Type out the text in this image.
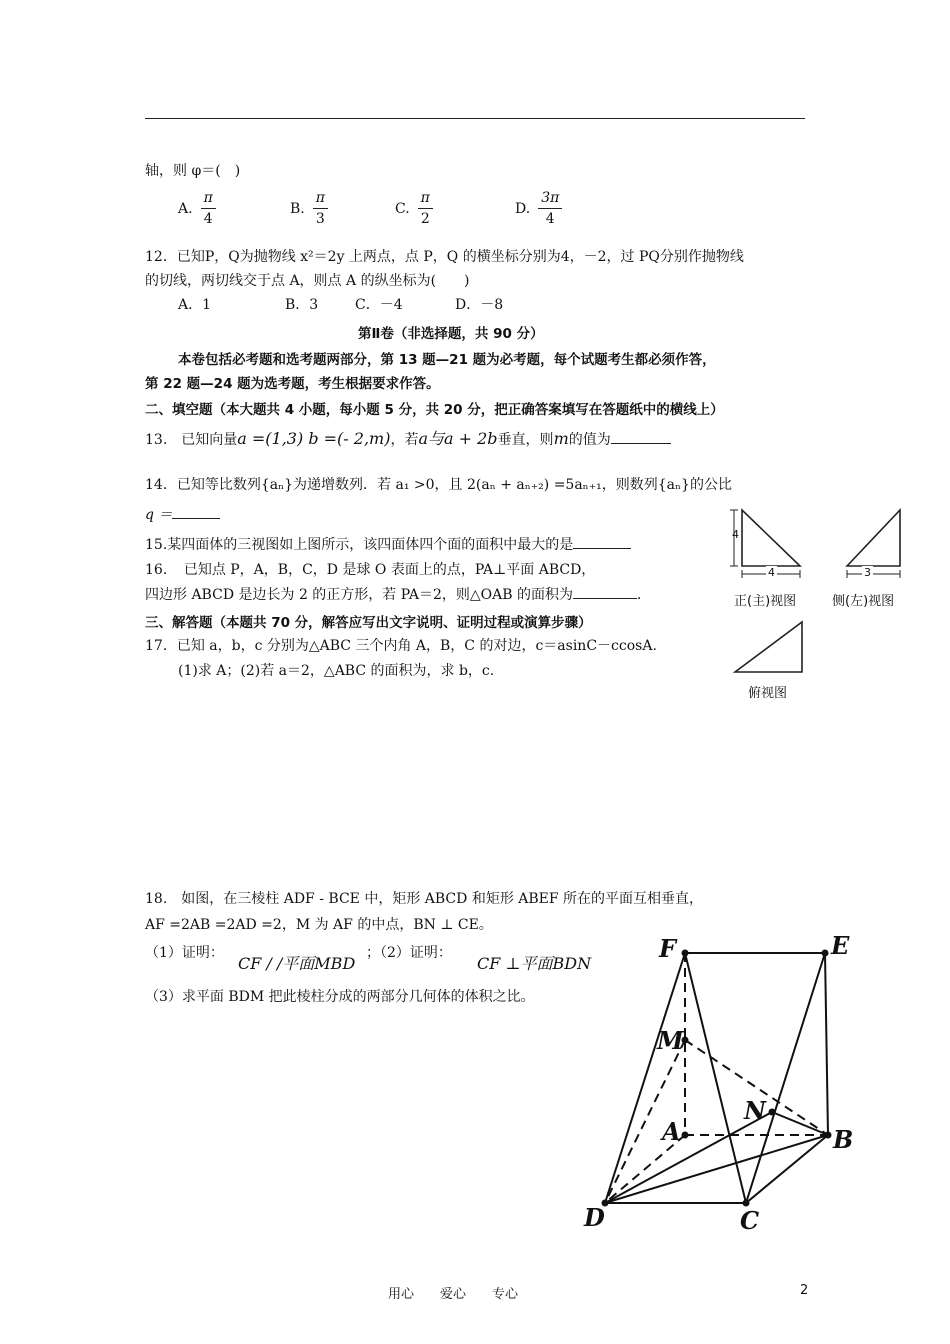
轴，则 φ＝(　)
A. $\frac{\pi}{4}$	B. $\frac{\pi}{3}$	C. $\frac{\pi}{2}$	D. $\frac{3\pi}{4}$
12．已知P，Q为抛物线 x²＝2y 上两点，点 P，Q 的横坐标分别为4，－2，过 PQ分别作抛物线
的切线，两切线交于点 A，则点 A 的纵坐标为(　　)
A．1	B．3	C．－4	D．－8
第Ⅱ卷（非选择题，共 90 分）
本卷包括必考题和选考题两部分，第 13 题—21 题为必考题，每个试题考生都必须作答，
第 22 题—24 题为选考题，考生根据要求作答。
二、填空题（本大题共 4 小题，每小题 5 分，共 20 分，把正确答案填写在答题纸中的横线上）
13.　已知向量a =(1,3) b =(- 2,m)，若a与a + 2b垂直，则m的值为
14．已知等比数列{aₙ}为递增数列．若 a₁ >0，且 2(aₙ + aₙ₊₂) =5aₙ₊₁，则数列{aₙ}的公比
q ＝
15.某四面体的三视图如上图所示，该四面体四个面的面积中最大的是
16．　已知点 P，A，B，C，D 是球 O 表面上的点，PA⊥平面 ABCD，
四边形 ABCD 是边长为 2 的正方形，若 PA＝2，则△OAB 的面积为	．
三、解答题（本题共 70 分，解答应写出文字说明、证明过程或演算步骤）
17．已知 a，b，c 分别为△ABC 三个内角 A，B，C 的对边，c＝asinC－ccosA.
(1)求 A；(2)若 a＝2，△ABC 的面积为，求 b，c.
4
4	3
正(主)视图	侧(左)视图
俯视图
18.　如图，在三棱柱 ADF - BCE 中，矩形 ABCD 和矩形 ABEF 所在的平面互相垂直，
AF =2AB =2AD =2，M 为 AF 的中点，BN ⊥ CE。
（1）证明：
CF / /平面MBD
；（2）证明：
CF ⊥平面BDN
（3）求平面 BDM 把此棱柱分成的两部分几何体的体积之比。
F	E
M
N
A	B
D	C
用心　　爱心　　专心	2
